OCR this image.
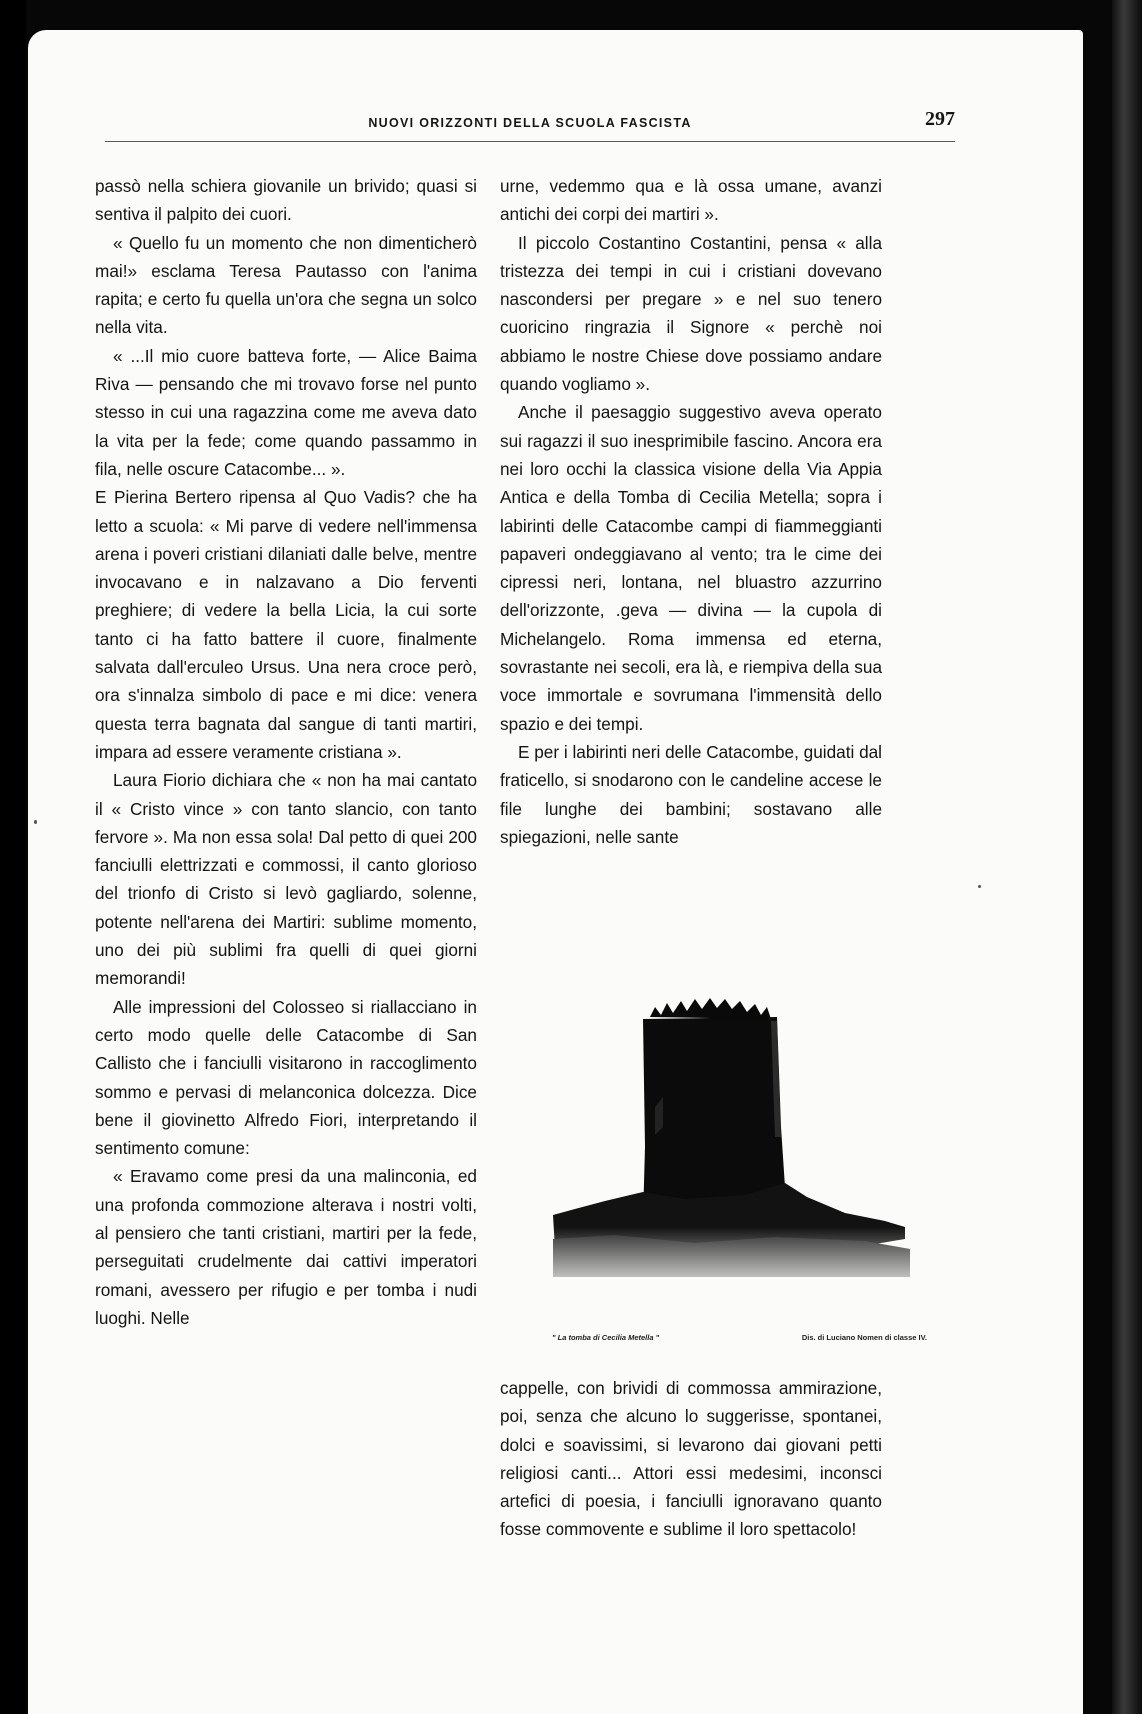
NUOVI ORIZZONTI DELLA SCUOLA FASCISTA	297

passò nella schiera giovanile un brivido; quasi si sentiva il palpito dei cuori.

« Quello fu un momento che non dimenticherò mai!» esclama Teresa Pautasso con l'anima rapita; e certo fu quella un'ora che segna un solco nella vita.

« ...Il mio cuore batteva forte, — Alice Baima Riva — pensando che mi trovavo forse nel punto stesso in cui una ragazzina come me aveva dato la vita per la fede; come quando passammo in fila, nelle oscure Catacombe... ».

E Pierina Bertero ripensa al Quo Vadis? che ha letto a scuola: « Mi parve di vedere nell'immensa arena i poveri cristiani dilaniati dalle belve, mentre invocavano e in nalzavano a Dio ferventi preghiere; di vedere la bella Licia, la cui sorte tanto ci ha fatto battere il cuore, finalmente salvata dall'erculeo Ursus. Una nera croce però, ora s'innalza simbolo di pace e mi dice: venera questa terra bagnata dal sangue di tanti martiri, impara ad essere veramente cristiana ».

Laura Fiorio dichiara che « non ha mai cantato il « Cristo vince » con tanto slancio, con tanto fervore ». Ma non essa sola! Dal petto di quei 200 fanciulli elettrizzati e commossi, il canto glorioso del trionfo di Cristo si levò gagliardo, solenne, potente nell'arena dei Martiri: sublime momento, uno dei più sublimi fra quelli di quei giorni memorandi!

Alle impressioni del Colosseo si riallacciano in certo modo quelle delle Catacombe di San Callisto che i fanciulli visitarono in raccoglimento sommo e pervasi di melanconica dolcezza. Dice bene il giovinetto Alfredo Fiori, interpretando il sentimento comune:

« Eravamo come presi da una malinconia, ed una profonda commozione alterava i nostri volti, al pensiero che tanti cristiani, martiri per la fede, perseguitati crudelmente dai cattivi imperatori romani, avessero per rifugio e per tomba i nudi luoghi. Nelle

urne, vedemmo qua e là ossa umane, avanzi antichi dei corpi dei martiri ».

Il piccolo Costantino Costantini, pensa « alla tristezza dei tempi in cui i cristiani dovevano nascondersi per pregare » e nel suo tenero cuoricino ringrazia il Signore « perchè noi abbiamo le nostre Chiese dove possiamo andare quando vogliamo ».

Anche il paesaggio suggestivo aveva operato sui ragazzi il suo inesprimibile fascino. Ancora era nei loro occhi la classica visione della Via Appia Antica e della Tomba di Cecilia Metella; sopra i labirinti delle Catacombe campi di fiammeggianti papaveri ondeggiavano al vento; tra le cime dei cipressi neri, lontana, nel bluastro azzurrino dell'orizzonte, .geva — divina — la cupola di Michelangelo. Roma immensa ed eterna, sovrastante nei secoli, era là, e riempiva della sua voce immortale e sovrumana l'immensità dello spazio e dei tempi.

E per i labirinti neri delle Catacombe, guidati dal fraticello, si snodarono con le candeline accese le file lunghe dei bambini; sostavano alle spiegazioni, nelle sante

" La tomba di Cecilia Metella "	Dis. di Luciano Nomen di classe IV.

cappelle, con brividi di commossa ammirazione, poi, senza che alcuno lo suggerisse, spontanei, dolci e soavissimi, si levarono dai giovani petti religiosi canti... Attori essi medesimi, inconsci artefici di poesia, i fanciulli ignoravano quanto fosse commovente e sublime il loro spettacolo!
